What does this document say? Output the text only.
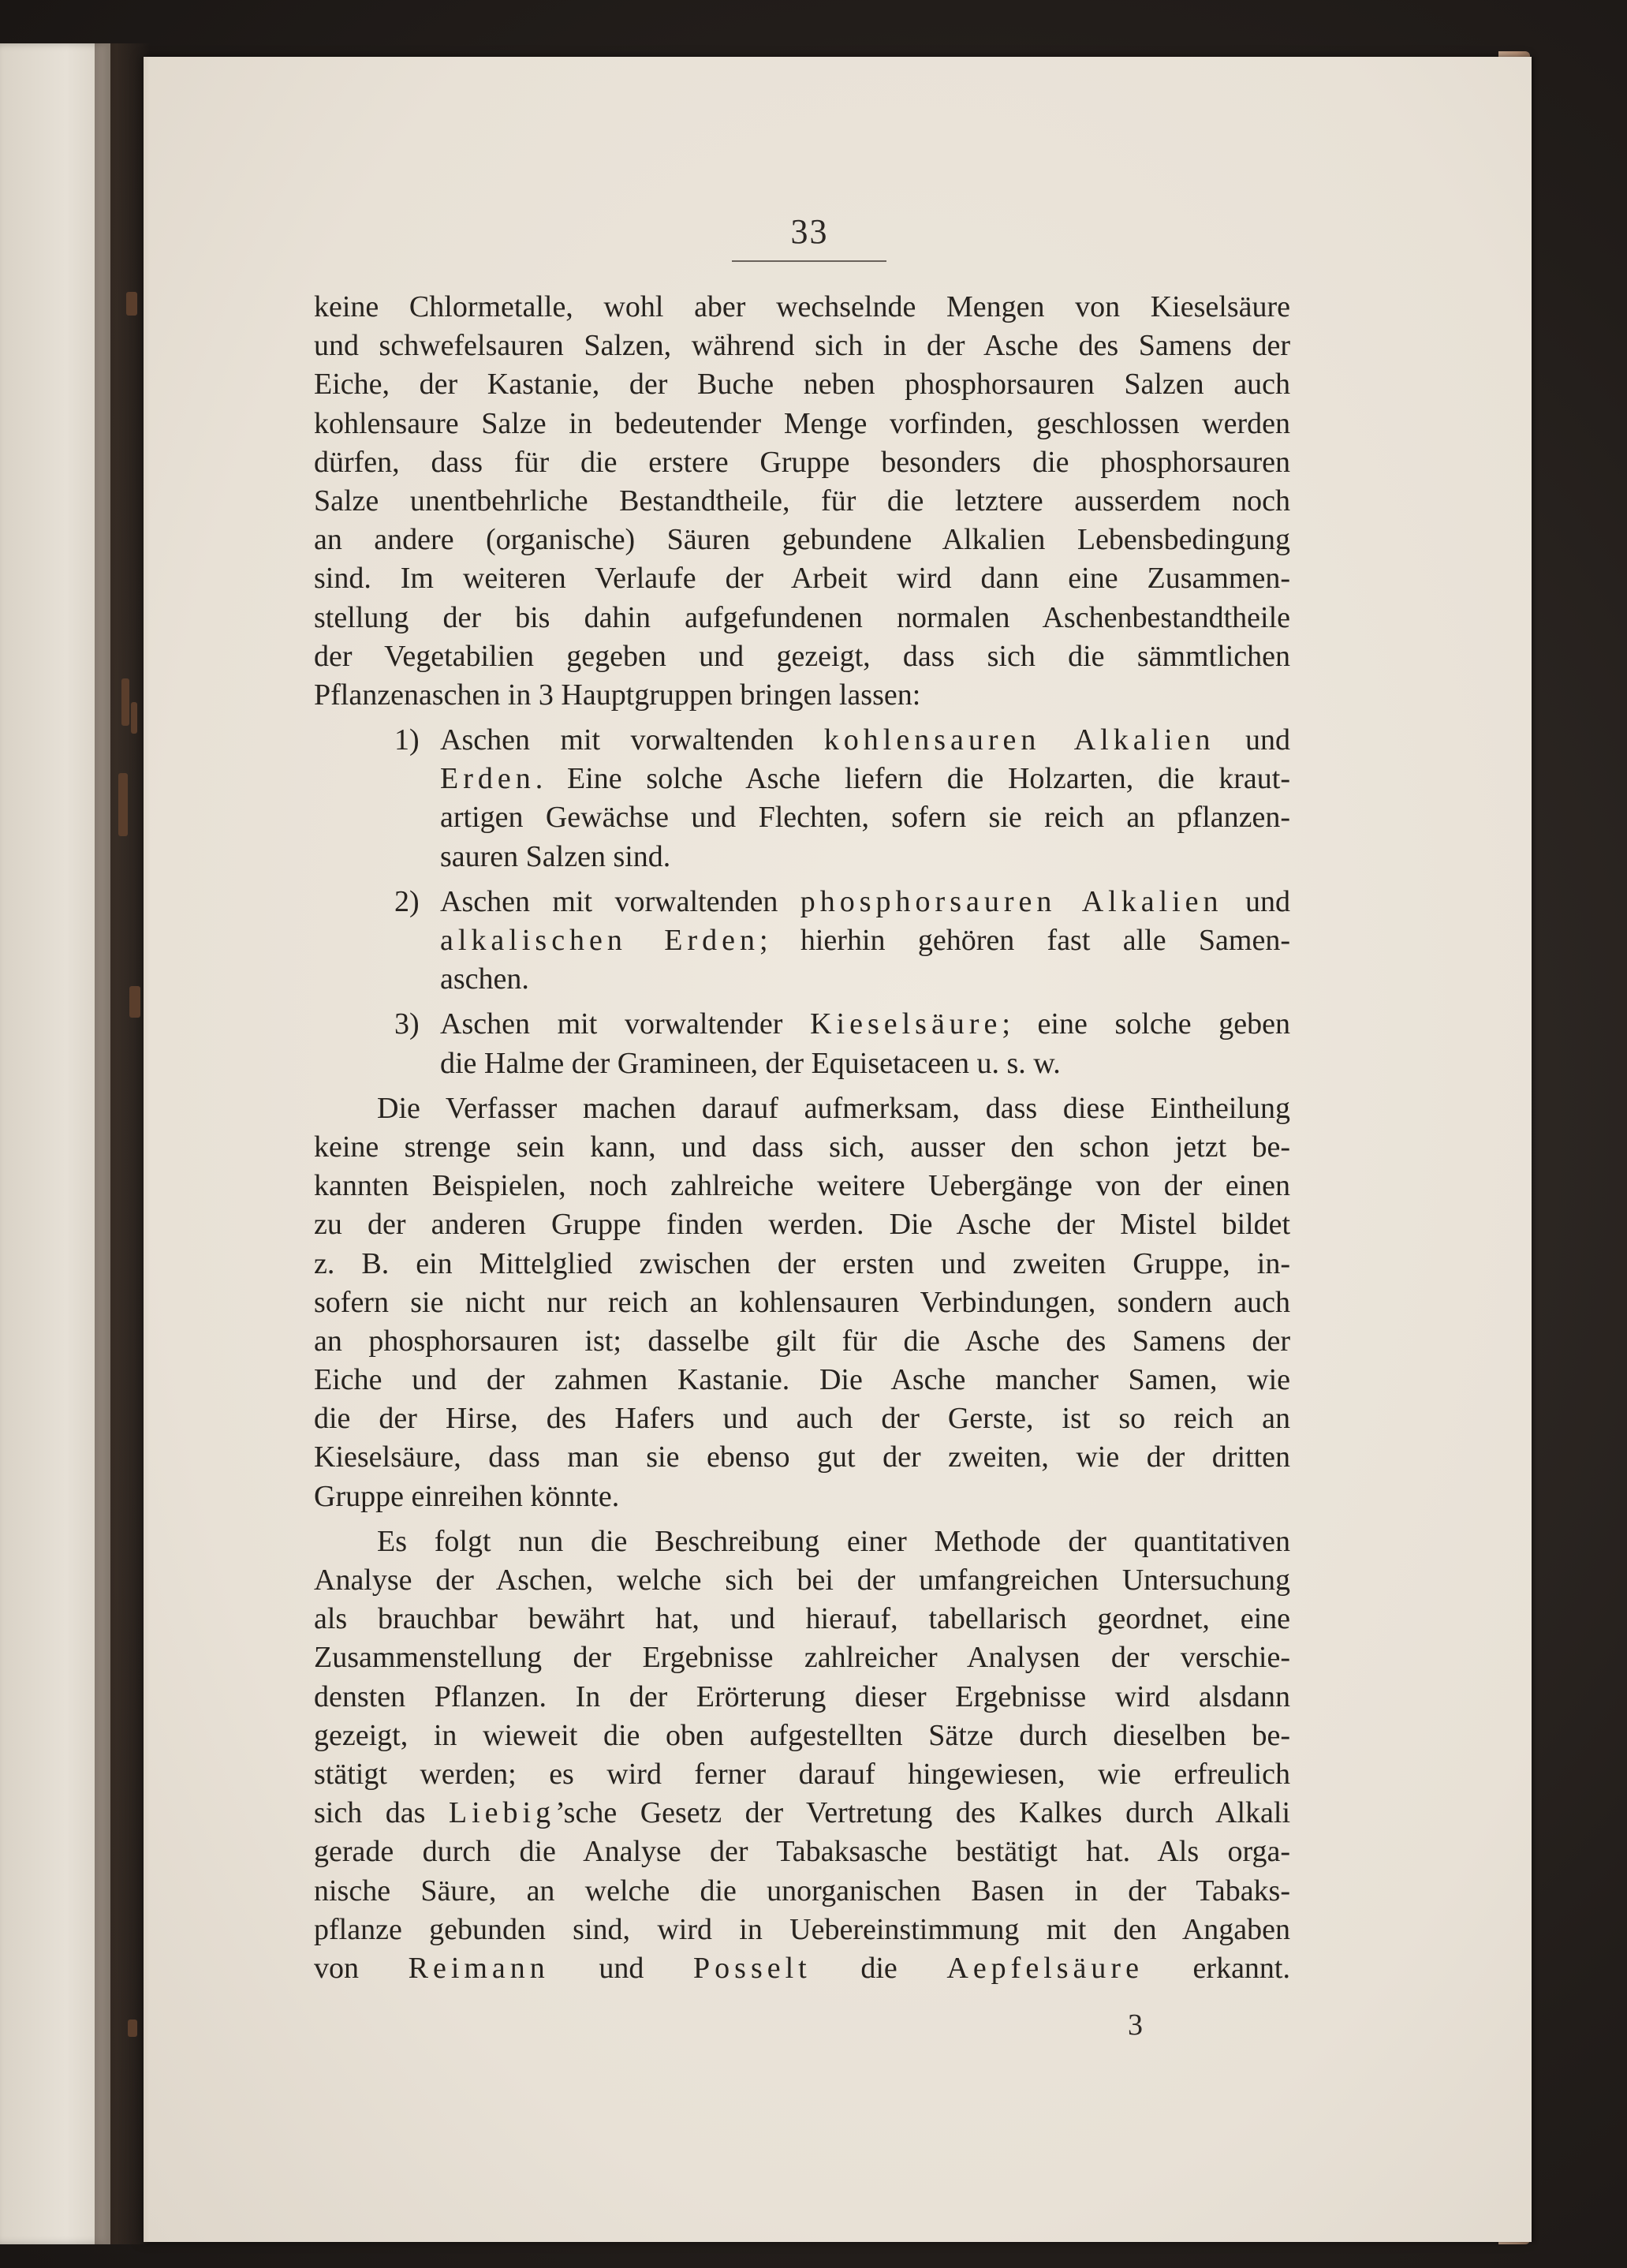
33
keine Chlormetalle, wohl aber wechselnde Mengen von Kieselsäure
und schwefelsauren Salzen, während sich in der Asche des Samens der
Eiche, der Kastanie, der Buche neben phosphorsauren Salzen auch
kohlensaure Salze in bedeutender Menge vorfinden, geschlossen werden
dürfen, dass für die erstere Gruppe besonders die phosphorsauren
Salze unentbehrliche Bestandtheile, für die letztere ausserdem noch
an andere (organische) Säuren gebundene Alkalien Lebensbedingung
sind. Im weiteren Verlaufe der Arbeit wird dann eine Zusammen-
stellung der bis dahin aufgefundenen normalen Aschenbestandtheile
der Vegetabilien gegeben und gezeigt, dass sich die sämmtlichen
Pflanzenaschen in 3 Hauptgruppen bringen lassen:
1) Aschen mit vorwaltenden kohlensauren Alkalien und
Erden. Eine solche Asche liefern die Holzarten, die kraut-
artigen Gewächse und Flechten, sofern sie reich an pflanzen-
sauren Salzen sind.
2) Aschen mit vorwaltenden phosphorsauren Alkalien und
alkalischen Erden; hierhin gehören fast alle Samen-
aschen.
3) Aschen mit vorwaltender Kieselsäure; eine solche geben
die Halme der Gramineen, der Equisetaceen u. s. w.
Die Verfasser machen darauf aufmerksam, dass diese Eintheilung
keine strenge sein kann, und dass sich, ausser den schon jetzt be-
kannten Beispielen, noch zahlreiche weitere Uebergänge von der einen
zu der anderen Gruppe finden werden. Die Asche der Mistel bildet
z. B. ein Mittelglied zwischen der ersten und zweiten Gruppe, in-
sofern sie nicht nur reich an kohlensauren Verbindungen, sondern auch
an phosphorsauren ist; dasselbe gilt für die Asche des Samens der
Eiche und der zahmen Kastanie. Die Asche mancher Samen, wie
die der Hirse, des Hafers und auch der Gerste, ist so reich an
Kieselsäure, dass man sie ebenso gut der zweiten, wie der dritten
Gruppe einreihen könnte.
Es folgt nun die Beschreibung einer Methode der quantitativen
Analyse der Aschen, welche sich bei der umfangreichen Untersuchung
als brauchbar bewährt hat, und hierauf, tabellarisch geordnet, eine
Zusammenstellung der Ergebnisse zahlreicher Analysen der verschie-
densten Pflanzen. In der Erörterung dieser Ergebnisse wird alsdann
gezeigt, in wieweit die oben aufgestellten Sätze durch dieselben be-
stätigt werden; es wird ferner darauf hingewiesen, wie erfreulich
sich das Liebig’sche Gesetz der Vertretung des Kalkes durch Alkali
gerade durch die Analyse der Tabaksasche bestätigt hat. Als orga-
nische Säure, an welche die unorganischen Basen in der Tabaks-
pflanze gebunden sind, wird in Uebereinstimmung mit den Angaben
von Reimann und Posselt die Aepfelsäure erkannt.
3
